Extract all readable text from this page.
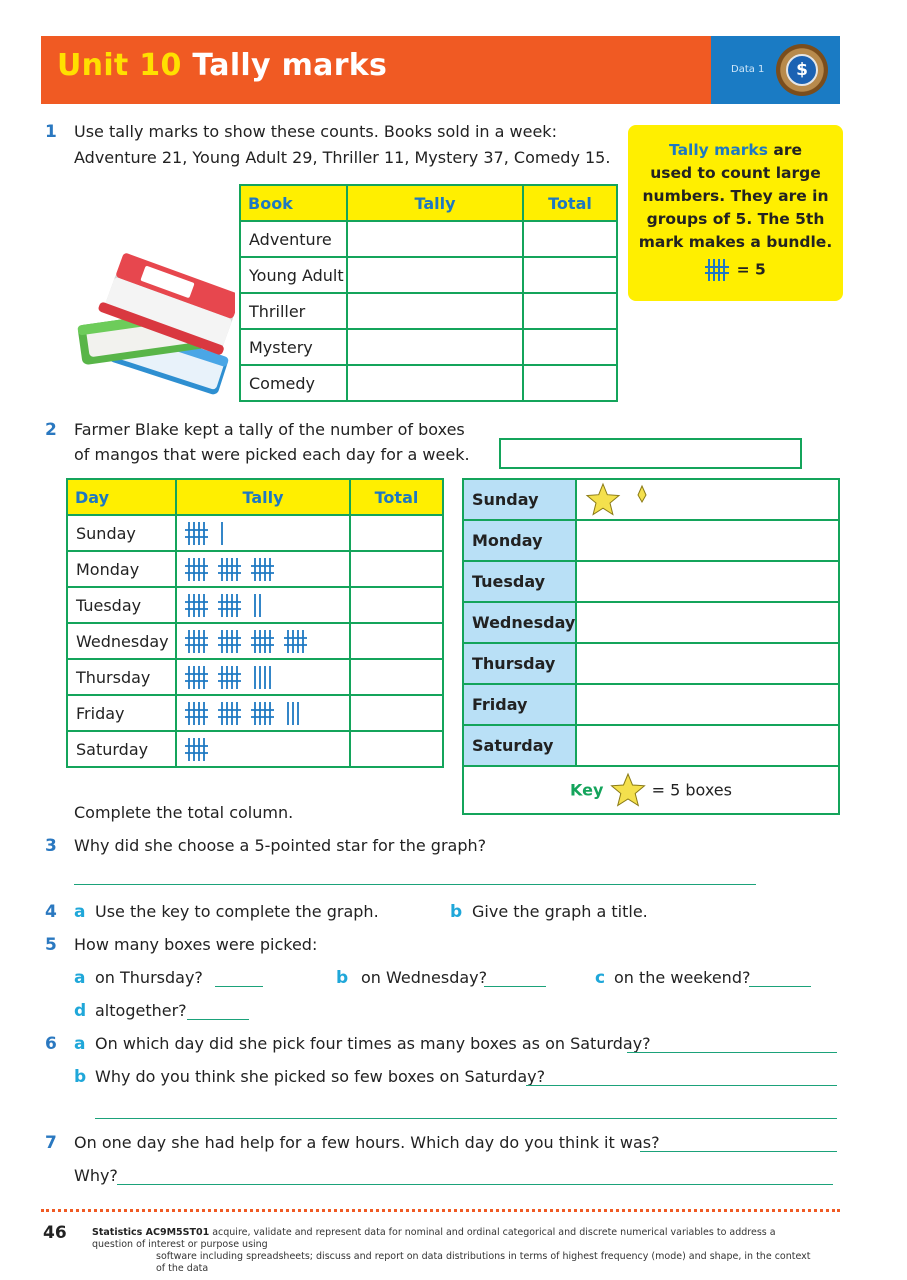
Unit 10 Tally marks	Data 1	$
1 Use tally marks to show these counts. Books sold in a week:
Adventure 21, Young Adult 29, Thriller 11, Mystery 37, Comedy 15.
Book	Tally	Total
Adventure		
Young Adult		
Thriller		
Mystery		
Comedy		
Tally marks are
used to count large
numbers. They are in
groups of 5. The 5th
mark makes a bundle.
= 5
2 Farmer Blake kept a tally of the number of boxes
of mangos that were picked each day for a week.
Day	Tally	Total
Sunday	

Monday	

Tuesday	

Wednesday	

Thursday	

Friday	

Saturday	

Sunday	

Monday	
Tuesday	
Wednesday	
Thursday	
Friday	
Saturday	
Key = 5 boxes	
Complete the total column.
3 Why did she choose a 5-pointed star for the graph?
4 a Use the key to complete the graph.	b Give the graph a title.
5 How many boxes were picked:
a on Thursday?	b on Wednesday?	c on the weekend?
d altogether?
6 a On which day did she pick four times as many boxes as on Saturday?
b Why do you think she picked so few boxes on Saturday?
7 On one day she had help for a few hours. Which day do you think it was?
Why?
46	Statistics AC9M5ST01 acquire, validate and represent data for nominal and ordinal categorical and discrete numerical variables to address a question of interest or purpose using
software including spreadsheets; discuss and report on data distributions in terms of highest frequency (mode) and shape, in the context of the data
